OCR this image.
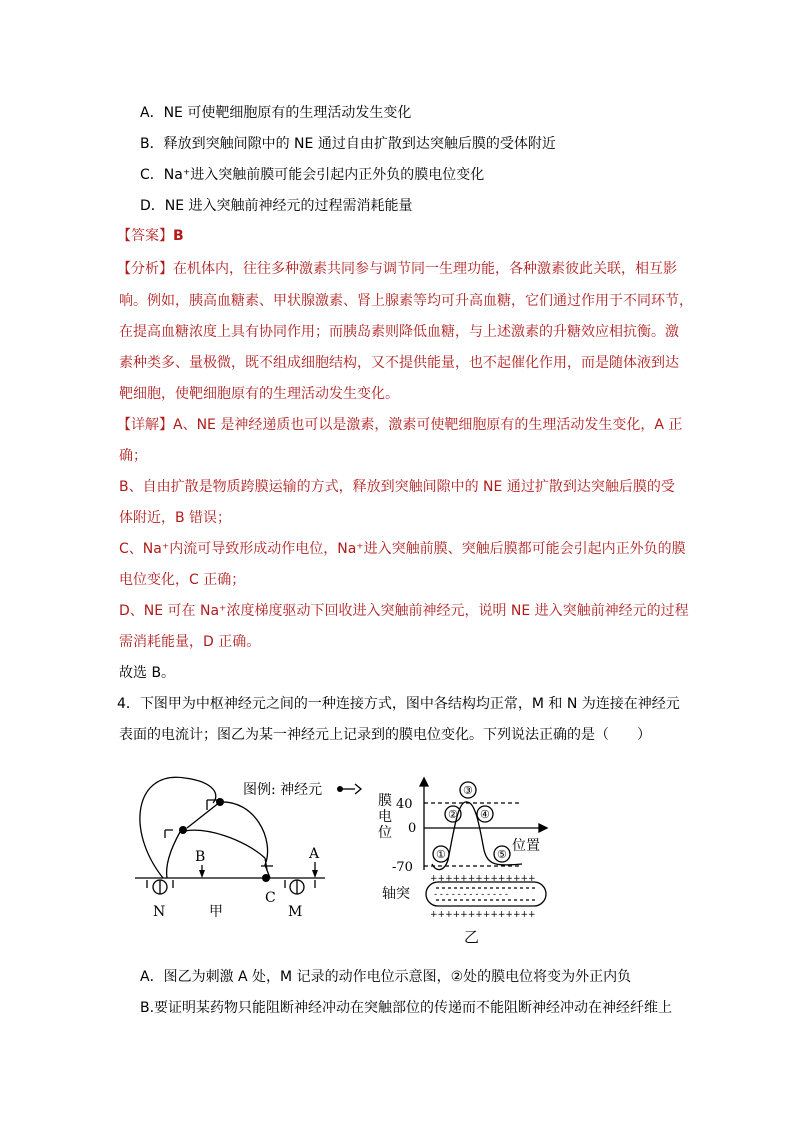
A．NE 可使靶细胞原有的生理活动发生变化
B．释放到突触间隙中的 NE 通过自由扩散到达突触后膜的受体附近
C．Na⁺进入突触前膜可能会引起内正外负的膜电位变化
D．NE 进入突触前神经元的过程需消耗能量
【答案】B
【分析】在机体内，往往多种激素共同参与调节同一生理功能，各种激素彼此关联，相互影
响。例如，胰高血糖素、甲状腺激素、肾上腺素等均可升高血糖，它们通过作用于不同环节，
在提高血糖浓度上具有协同作用；而胰岛素则降低血糖，与上述激素的升糖效应相抗衡。激
素种类多、量极微，既不组成细胞结构，又不提供能量，也不起催化作用，而是随体液到达
靶细胞，使靶细胞原有的生理活动发生变化。
【详解】A、NE 是神经递质也可以是激素，激素可使靶细胞原有的生理活动发生变化，A 正
确；
B、自由扩散是物质跨膜运输的方式，释放到突触间隙中的 NE 通过扩散到达突触后膜的受
体附近，B 错误；
C、Na⁺内流可导致形成动作电位，Na⁺进入突触前膜、突触后膜都可能会引起内正外负的膜
电位变化，C 正确；
D、NE 可在 Na⁺浓度梯度驱动下回收进入突触前神经元，说明 NE 进入突触前神经元的过程
需消耗能量，D 正确。
故选 B。
4．下图甲为中枢神经元之间的一种连接方式，图中各结构均正常，M 和 N 为连接在神经元
表面的电流计；图乙为某一神经元上记录到的膜电位变化。下列说法正确的是（　　）
图例: 神经元
B	A
C
N	M
甲
膜
电
位
40
0
-70
位置
轴突
①
②
③
④
⑤
++++++++++++++
- - - - - - - - - - - - -
++++++++++++++
乙
A．图乙为刺激 A 处，M 记录的动作电位示意图，②处的膜电位将变为外正内负
B.要证明某药物只能阻断神经冲动在突触部位的传递而不能阻断神经冲动在神经纤维上
